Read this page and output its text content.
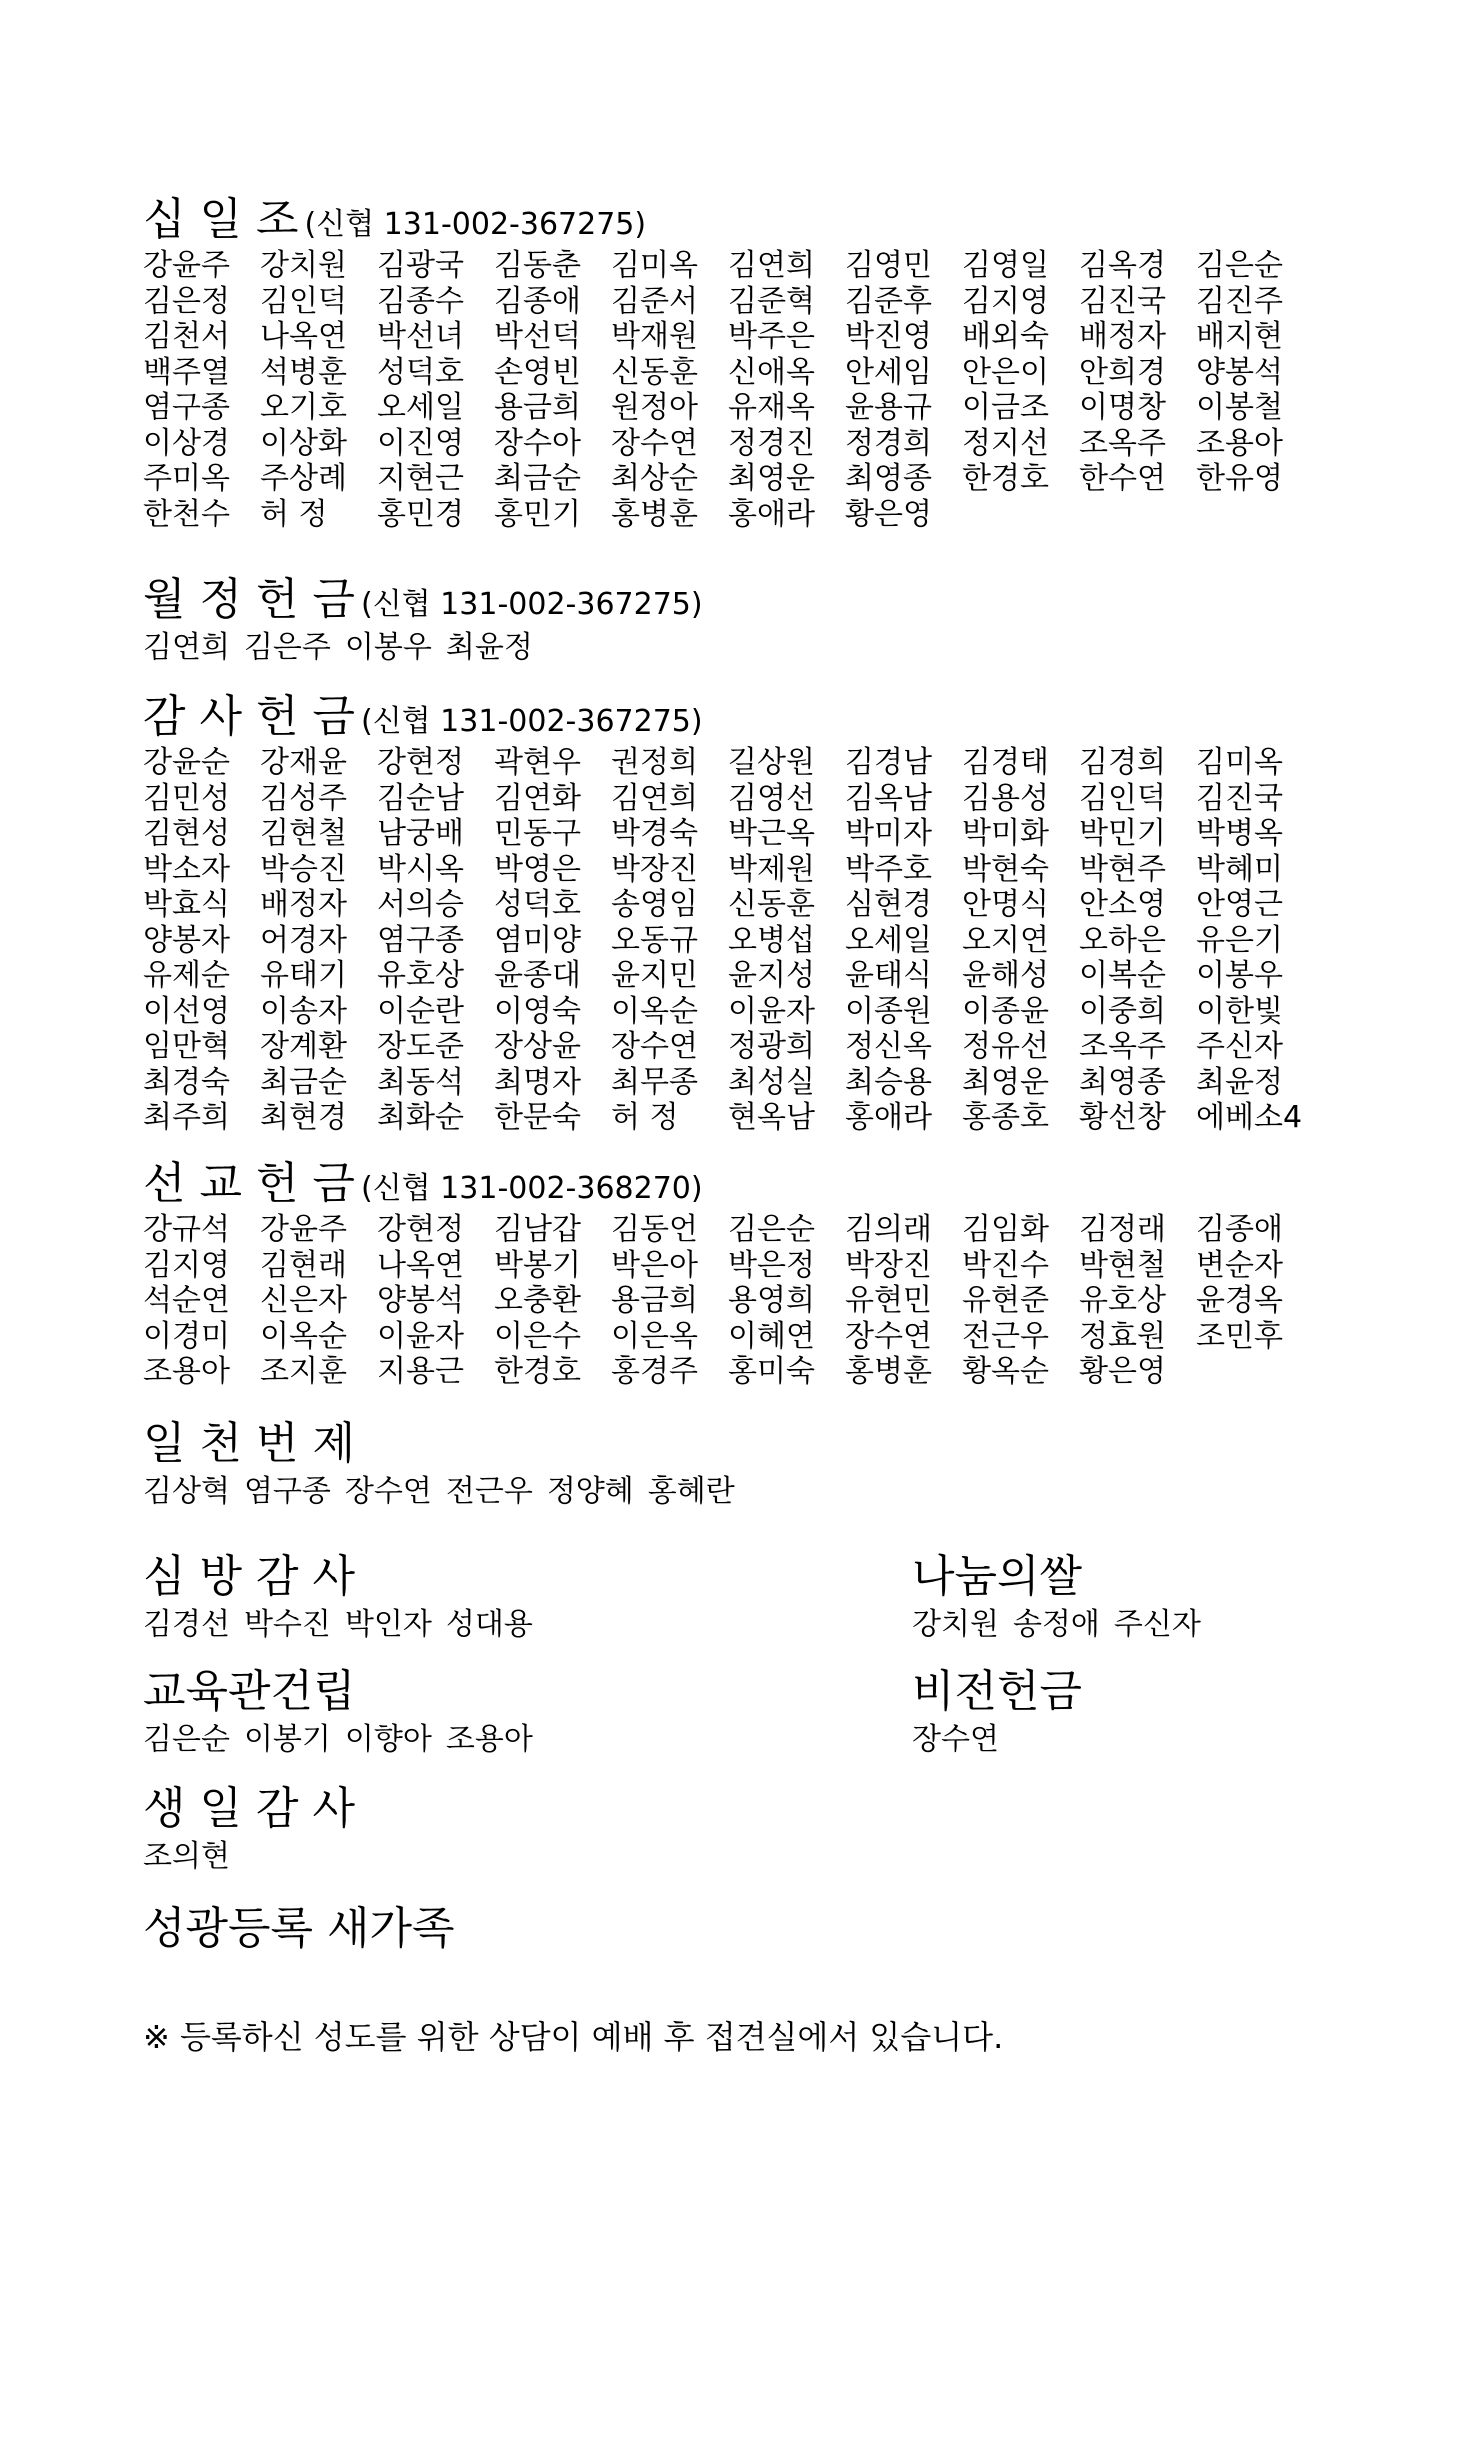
십 일 조 (신협 131-002-367275)
강윤주	강치원	김광국	김동춘	김미옥	김연희	김영민	김영일	김옥경	김은순
김은정	김인덕	김종수	김종애	김준서	김준혁	김준후	김지영	김진국	김진주
김천서	나옥연	박선녀	박선덕	박재원	박주은	박진영	배외숙	배정자	배지현
백주열	석병훈	성덕호	손영빈	신동훈	신애옥	안세임	안은이	안희경	양봉석
염구종	오기호	오세일	용금희	원정아	유재옥	윤용규	이금조	이명창	이봉철
이상경	이상화	이진영	장수아	장수연	정경진	정경희	정지선	조옥주	조용아
주미옥	주상례	지현근	최금순	최상순	최영운	최영종	한경호	한수연	한유영
한천수	허 정	홍민경	홍민기	홍병훈	홍애라	황은영
월 정 헌 금 (신협 131-002-367275)
김연희 김은주 이봉우 최윤정
감 사 헌 금 (신협 131-002-367275)
강윤순	강재윤	강현정	곽현우	권정희	길상원	김경남	김경태	김경희	김미옥
김민성	김성주	김순남	김연화	김연희	김영선	김옥남	김용성	김인덕	김진국
김현성	김현철	남궁배	민동구	박경숙	박근옥	박미자	박미화	박민기	박병옥
박소자	박승진	박시옥	박영은	박장진	박제원	박주호	박현숙	박현주	박혜미
박효식	배정자	서의승	성덕호	송영임	신동훈	심현경	안명식	안소영	안영근
양봉자	어경자	염구종	염미양	오동규	오병섭	오세일	오지연	오하은	유은기
유제순	유태기	유호상	윤종대	윤지민	윤지성	윤태식	윤해성	이복순	이봉우
이선영	이송자	이순란	이영숙	이옥순	이윤자	이종원	이종윤	이중희	이한빛
임만혁	장계환	장도준	장상윤	장수연	정광희	정신옥	정유선	조옥주	주신자
최경숙	최금순	최동석	최명자	최무종	최성실	최승용	최영운	최영종	최윤정
최주희	최현경	최화순	한문숙	허 정	현옥남	홍애라	홍종호	황선창	에베소4
선 교 헌 금 (신협 131-002-368270)
강규석	강윤주	강현정	김남갑	김동언	김은순	김의래	김임화	김정래	김종애
김지영	김현래	나옥연	박봉기	박은아	박은정	박장진	박진수	박현철	변순자
석순연	신은자	양봉석	오충환	용금희	용영희	유현민	유현준	유호상	윤경옥
이경미	이옥순	이윤자	이은수	이은옥	이혜연	장수연	전근우	정효원	조민후
조용아	조지훈	지용근	한경호	홍경주	홍미숙	홍병훈	황옥순	황은영
일 천 번 제
김상혁 염구종 장수연 전근우 정양혜 홍혜란
심 방 감 사
김경선 박수진 박인자 성대용
나눔의쌀
강치원 송정애 주신자
교육관건립
김은순 이봉기 이향아 조용아
비전헌금
장수연
생 일 감 사
조의현
성광등록 새가족
※ 등록하신 성도를 위한 상담이 예배 후 접견실에서 있습니다.
